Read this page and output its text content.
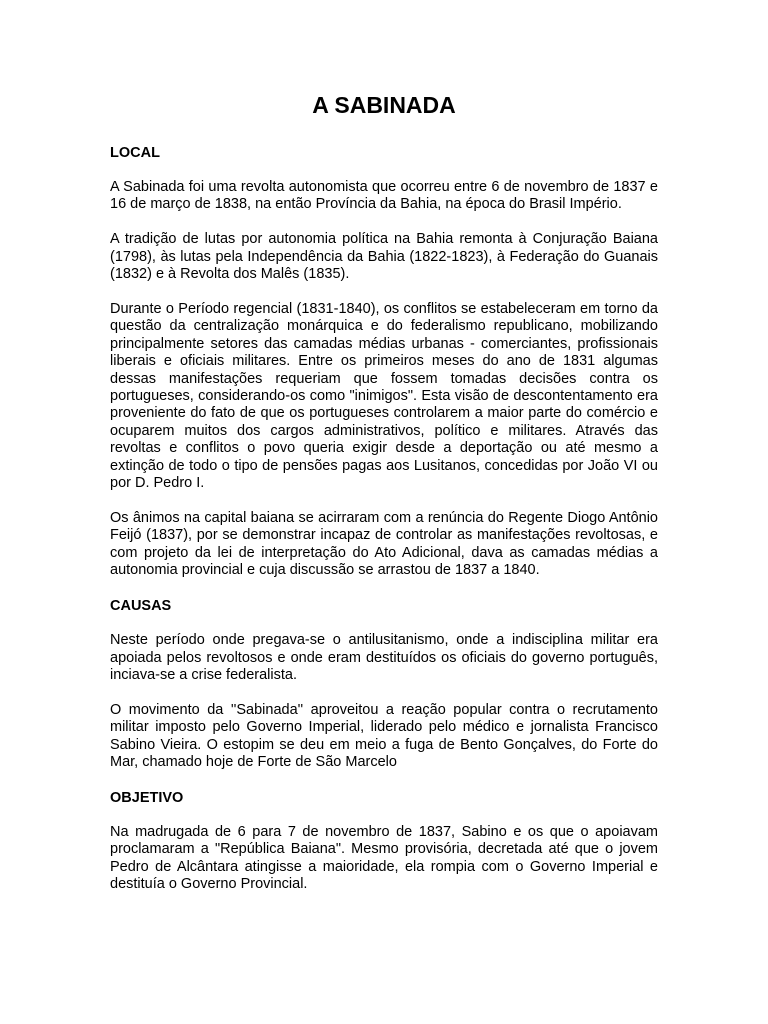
A SABINADA
LOCAL

A Sabinada foi uma revolta autonomista que ocorreu entre 6 de novembro de 1837 e 16 de março de 1838, na então Província da Bahia, na época do Brasil Império.

A tradição de lutas por autonomia política na Bahia remonta à Conjuração Baiana (1798), às lutas pela Independência da Bahia (1822-1823), à Federação do Guanais (1832) e à Revolta dos Malês (1835).

Durante o Período regencial (1831-1840), os conflitos se estabeleceram em torno da questão da centralização monárquica e do federalismo republicano, mobilizando principalmente setores das camadas médias urbanas - comerciantes, profissionais liberais e oficiais militares. Entre os primeiros meses do ano de 1831 algumas dessas manifestações requeriam que fossem tomadas decisões contra os portugueses, considerando-os como "inimigos". Esta visão de descontentamento era proveniente do fato de que os portugueses controlarem a maior parte do comércio e ocuparem muitos dos cargos administrativos, político e militares. Através das revoltas e conflitos o povo queria exigir desde a deportação ou até mesmo a extinção de todo o tipo de pensões pagas aos Lusitanos, concedidas por João VI ou por D. Pedro I.

Os ânimos na capital baiana se acirraram com a renúncia do Regente Diogo Antônio Feijó (1837), por se demonstrar incapaz de controlar as manifestações revoltosas, e com projeto da lei de interpretação do Ato Adicional, dava as camadas médias a autonomia provincial e cuja discussão se arrastou de 1837 a 1840.

CAUSAS

Neste período onde pregava-se o antilusitanismo, onde a indisciplina militar era apoiada pelos revoltosos e onde eram destituídos os oficiais do governo português, inciava-se a crise federalista.

O movimento da ''Sabinada'' aproveitou a reação popular contra o recrutamento militar imposto pelo Governo Imperial, liderado pelo médico e jornalista Francisco Sabino Vieira. O estopim se deu em meio a fuga de Bento Gonçalves, do Forte do Mar, chamado hoje de Forte de São Marcelo

OBJETIVO

Na madrugada de 6 para 7 de novembro de 1837, Sabino e os que o apoiavam proclamaram a "República Baiana". Mesmo provisória, decretada até que o jovem Pedro de Alcântara atingisse a maioridade, ela rompia com o Governo Imperial e destituía o Governo Provincial.
